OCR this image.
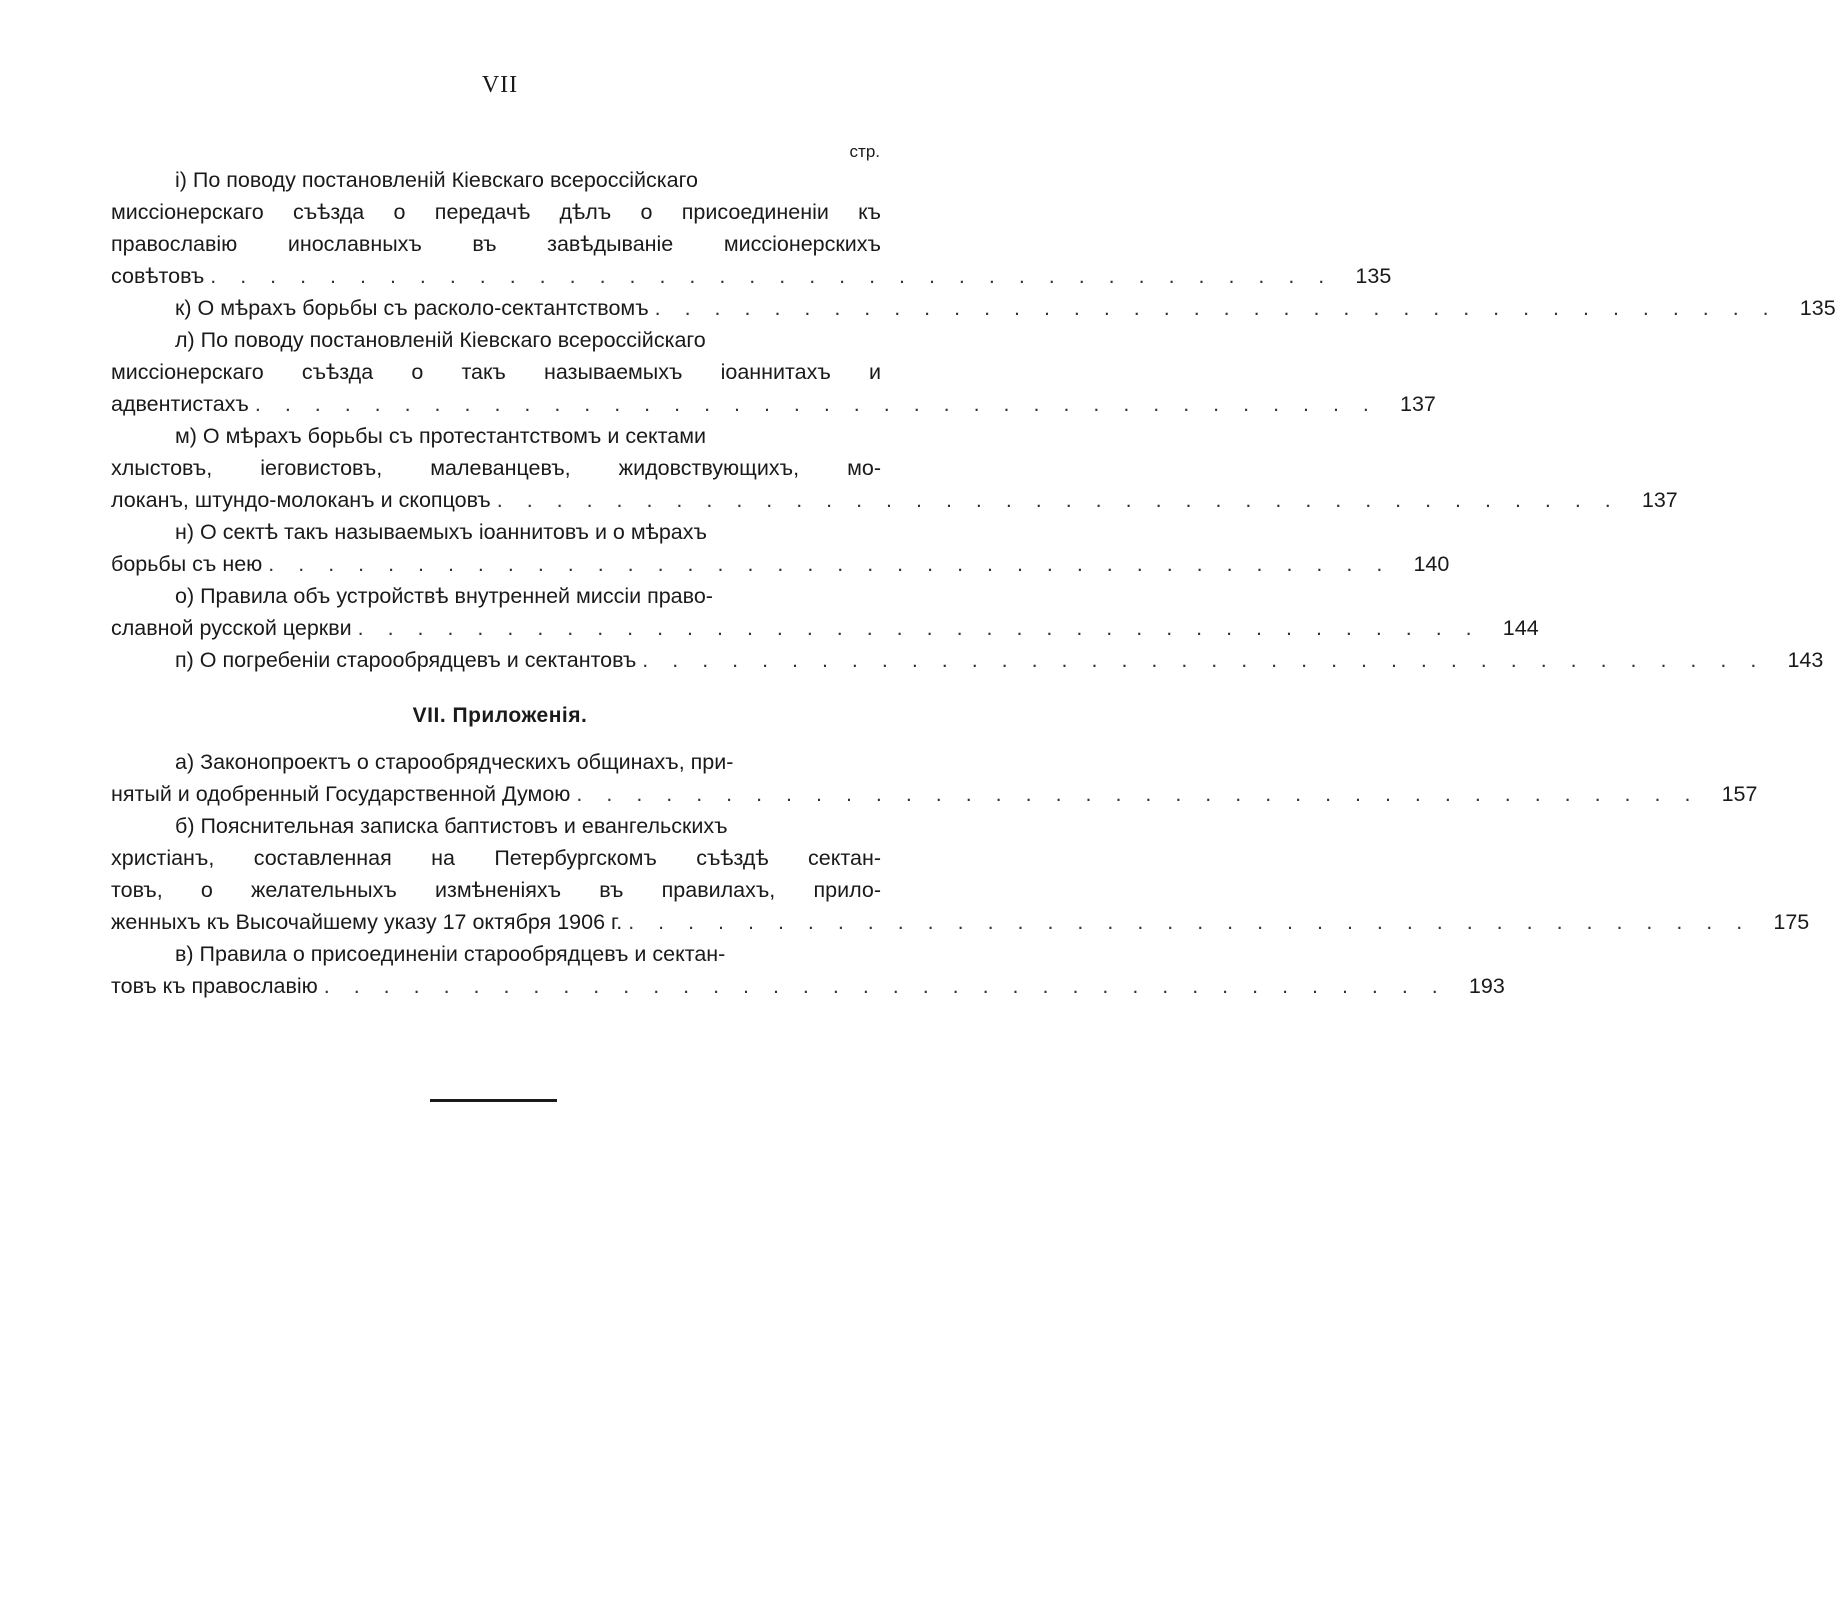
VII
стр.
i) По поводу постановленiй Кiевскаго всероссiйскаго
миссiонерскаго съѣзда о передачѣ дѣлъ о присоединенiи къ
православiю инославныхъ въ завѣдыванiе миссiонерскихъ
совѣтовъ . . . . . . . . . . . . . . . . . . . . . . . . . . . . . . . . . . . . . .	135
к) О мѣрахъ борьбы съ расколо-сектантствомъ . . . . . . . . . . . . . . . . . . . . . . . . . . . . . . . . . . . . . .	135
л) По поводу постановленiй Кiевскаго всероссiйскаго
миссiонерскаго съѣзда о такъ называемыхъ iоаннитахъ и
адвентистахъ . . . . . . . . . . . . . . . . . . . . . . . . . . . . . . . . . . . . . .	137
м) О мѣрахъ борьбы съ протестантствомъ и сектами
хлыстовъ, iеговистовъ, малеванцевъ, жидовствующихъ, мо-
локанъ, штундо-молоканъ и скопцовъ . . . . . . . . . . . . . . . . . . . . . . . . . . . . . . . . . . . . . .	137
н) О сектѣ такъ называемыхъ iоаннитовъ и о мѣрахъ
борьбы съ нею . . . . . . . . . . . . . . . . . . . . . . . . . . . . . . . . . . . . . .	140
о) Правила объ устройствѣ внутренней миссiи право-
славной русской церкви . . . . . . . . . . . . . . . . . . . . . . . . . . . . . . . . . . . . . .	144
п) О погребенiи старообрядцевъ и сектантовъ . . . . . . . . . . . . . . . . . . . . . . . . . . . . . . . . . . . . . .	143
VII. Приложенiя.
а) Законопроектъ о старообрядческихъ общинахъ, при-
нятый и одобренный Государственной Думою . . . . . . . . . . . . . . . . . . . . . . . . . . . . . . . . . . . . . .	157
б) Пояснительная записка баптистовъ и евангельскихъ
христiанъ, составленная на Петербургскомъ съѣздѣ сектан-
товъ, о желательныхъ измѣненiяхъ въ правилахъ, прило-
женныхъ къ Высочайшему указу 17 октября 1906 г. . . . . . . . . . . . . . . . . . . . . . . . . . . . . . . . . . . . . . .	175
в) Правила о присоединенiи старообрядцевъ и сектан-
товъ къ православiю . . . . . . . . . . . . . . . . . . . . . . . . . . . . . . . . . . . . . .	193
